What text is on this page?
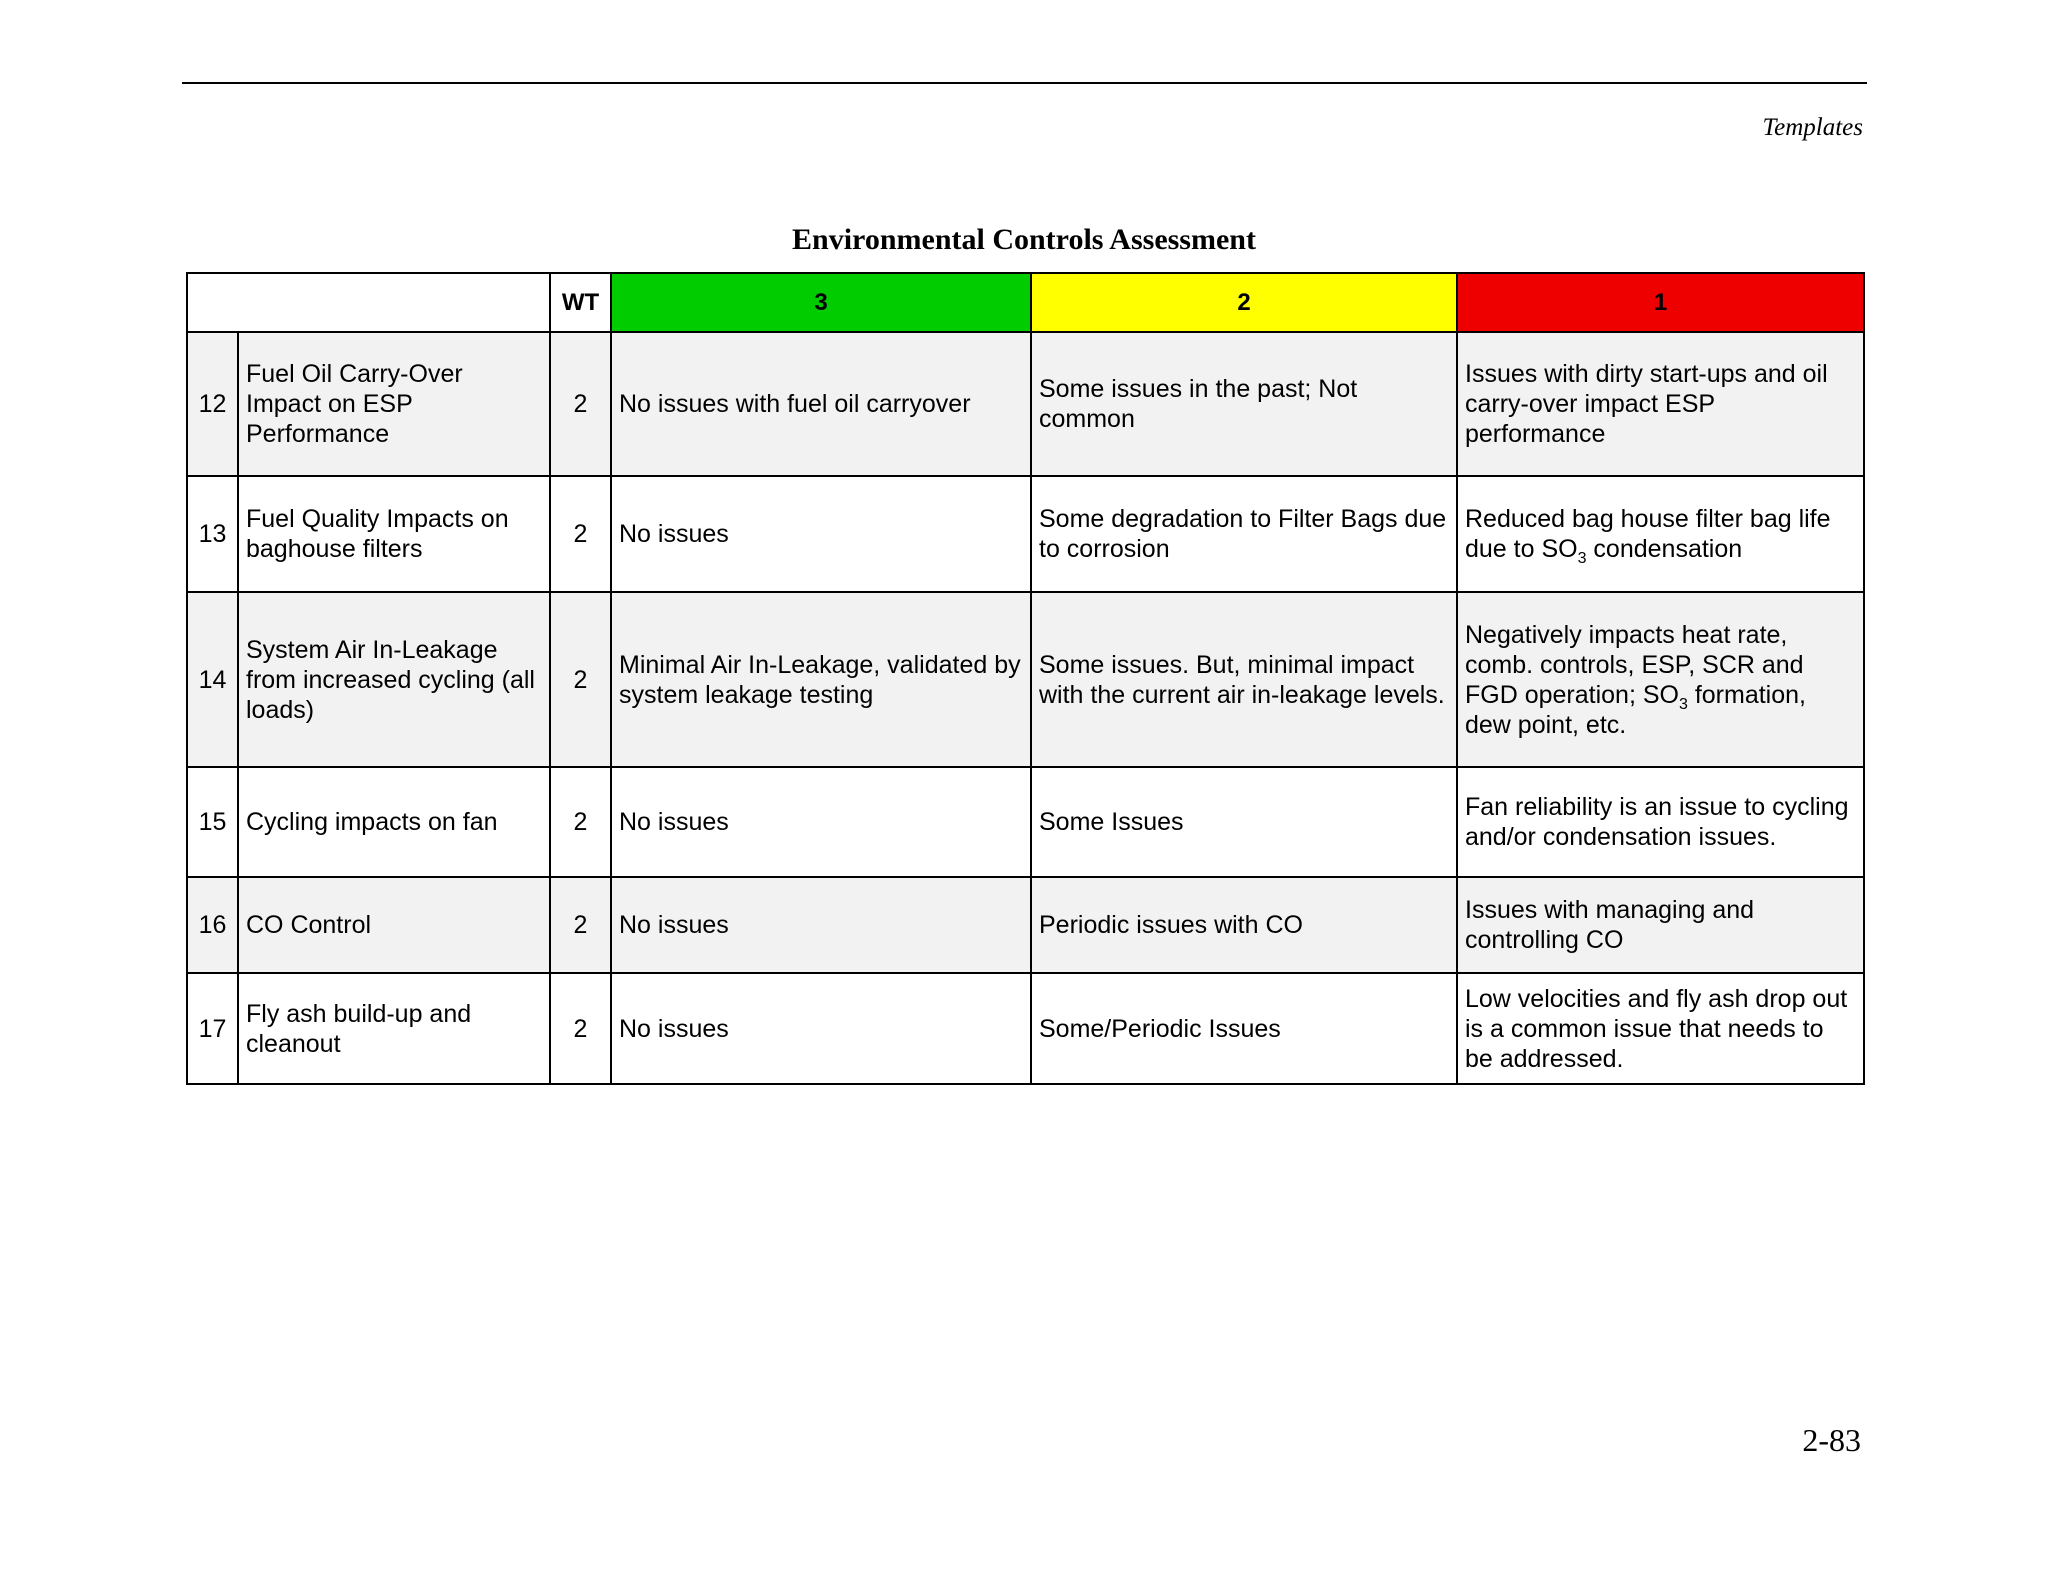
Templates
Environmental Controls Assessment
		WT	3	2	1
12	Fuel Oil Carry-Over Impact on ESP Performance	2	No issues with fuel oil carryover	Some issues in the past; Not common	Issues with dirty start-ups and oil carry-over impact ESP performance
13	Fuel Quality Impacts on baghouse filters	2	No issues	Some degradation to Filter Bags due to corrosion	Reduced bag house filter bag life due to $SO_3$ condensation
14	System Air In-Leakage from increased cycling (all loads)	2	Minimal Air In-Leakage, validated by system leakage testing	Some issues. But, minimal impact with the current air in-leakage levels.	Negatively impacts heat rate, comb. controls, ESP, SCR and FGD operation; $SO_3$ formation, dew point, etc.
15	Cycling impacts on fan	2	No issues	Some Issues	Fan reliability is an issue to cycling and/or condensation issues.
16	CO Control	2	No issues	Periodic issues with CO	Issues with managing and controlling CO
17	Fly ash build-up and cleanout	2	No issues	Some/Periodic Issues	Low velocities and fly ash drop out is a common issue that needs to be addressed.
2-83
